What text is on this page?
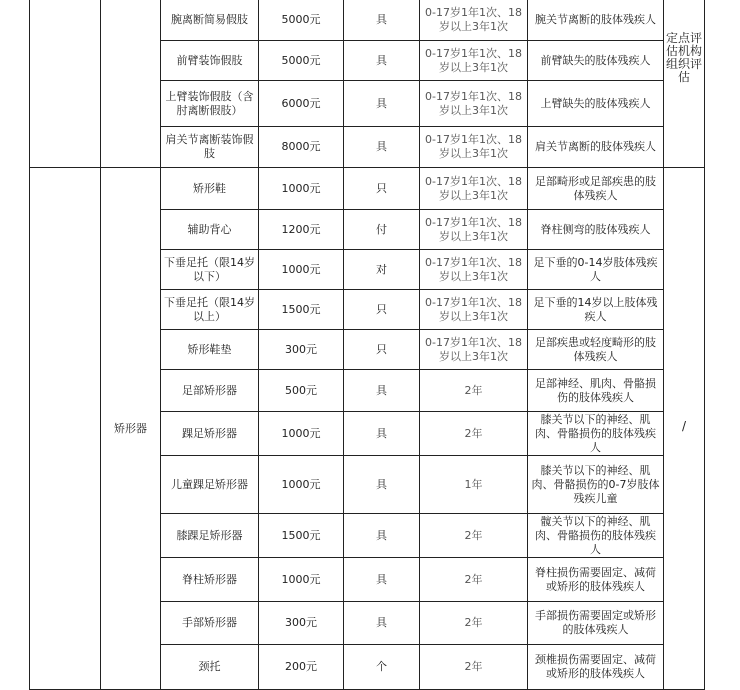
		腕离断简易假肢	5000元	具	0-17岁1年1次、18岁以上3年1次	腕关节离断的肢体残疾人	定点评估机构组织评估
		前臂装饰假肢	5000元	具	0-17岁1年1次、18岁以上3年1次	前臂缺失的肢体残疾人	
		上臂装饰假肢（含肘离断假肢）	6000元	具	0-17岁1年1次、18岁以上3年1次	上臂缺失的肢体残疾人	
		肩关节离断装饰假肢	8000元	具	0-17岁1年1次、18岁以上3年1次	肩关节离断的肢体残疾人	
	矫形器	矫形鞋	1000元	只	0-17岁1年1次、18岁以上3年1次	足部畸形或足部疾患的肢体残疾人	/
		辅助背心	1200元	付	0-17岁1年1次、18岁以上3年1次	脊柱侧弯的肢体残疾人	
		下垂足托（限14岁以下）	1000元	对	0-17岁1年1次、18岁以上3年1次	足下垂的0-14岁肢体残疾人	
		下垂足托（限14岁以上）	1500元	只	0-17岁1年1次、18岁以上3年1次	足下垂的14岁以上肢体残疾人	
		矫形鞋垫	300元	只	0-17岁1年1次、18岁以上3年1次	足部疾患或轻度畸形的肢体残疾人	
		足部矫形器	500元	具	2年	足部神经、肌肉、骨骼损伤的肢体残疾人	
		踝足矫形器	1000元	具	2年	膝关节以下的神经、肌肉、骨骼损伤的肢体残疾人	
		儿童踝足矫形器	1000元	具	1年	膝关节以下的神经、肌肉、骨骼损伤的0-7岁肢体残疾儿童	
		膝踝足矫形器	1500元	具	2年	髋关节以下的神经、肌肉、骨骼损伤的肢体残疾人	
		脊柱矫形器	1000元	具	2年	脊柱损伤需要固定、减荷或矫形的肢体残疾人	
		手部矫形器	300元	具	2年	手部损伤需要固定或矫形的肢体残疾人	
		颈托	200元	个	2年	颈椎损伤需要固定、减荷或矫形的肢体残疾人	
